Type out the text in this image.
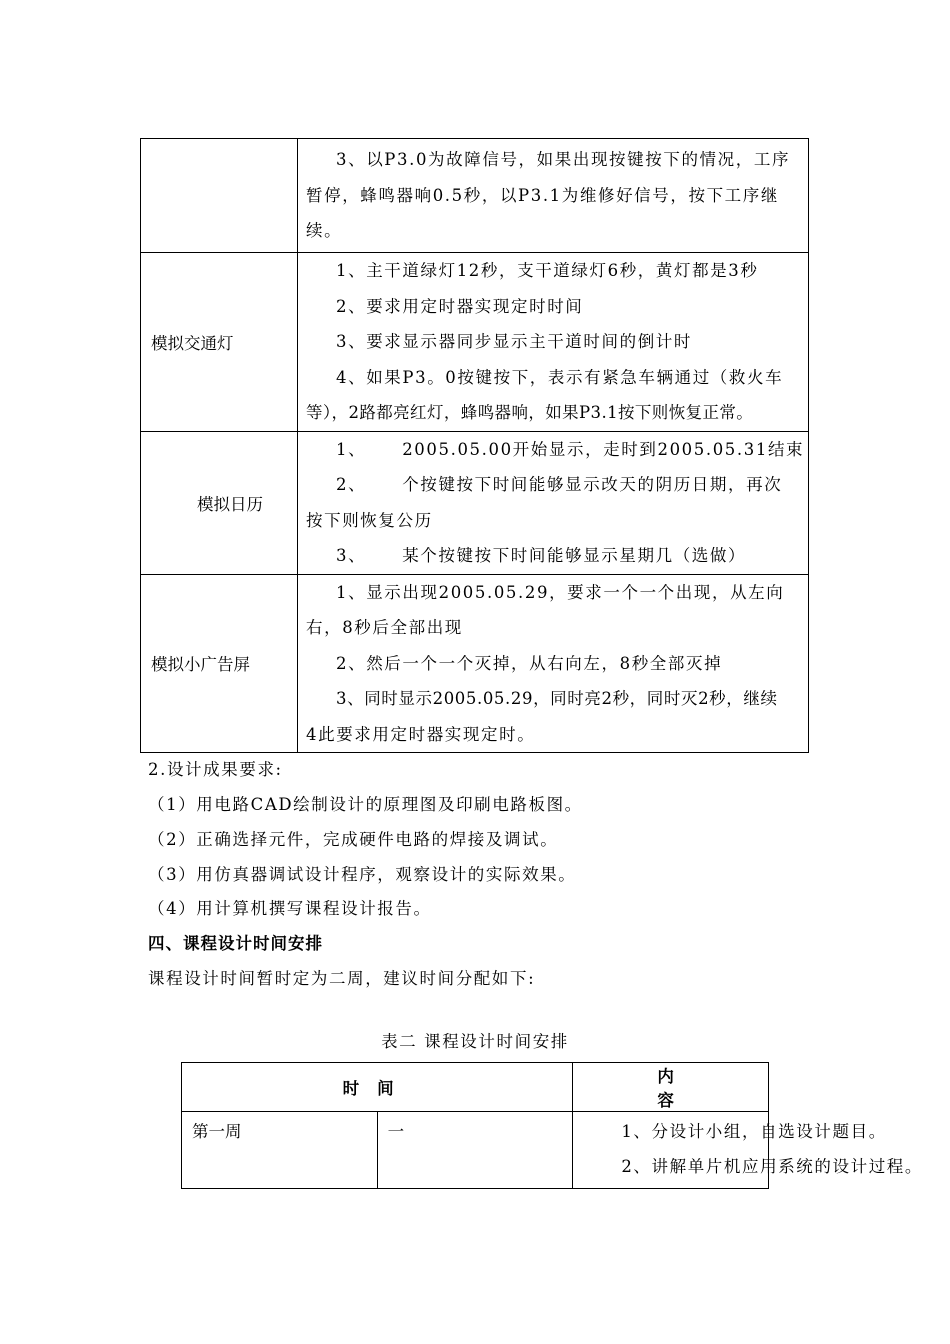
	3、以P3.0为故障信号，如果出现按键按下的情况，工序
暂停，蜂鸣器响0.5秒，以P3.1为维修好信号，按下工序继
续。

模拟交通灯	1、主干道绿灯12秒，支干道绿灯6秒，黄灯都是3秒
2、要求用定时器实现定时时间
3、要求显示器同步显示主干道时间的倒计时
4、如果P3。0按键按下，表示有紧急车辆通过（救火车
等），2路都亮红灯，蜂鸣器响，如果P3.1按下则恢复正常。

模拟日历	1、 2005.05.00开始显示，走时到2005.05.31结束
2、 个按键按下时间能够显示改天的阴历日期，再次
按下则恢复公历
3、 某个按键按下时间能够显示星期几（选做）

模拟小广告屏	1、显示出现2005.05.29，要求一个一个出现，从左向
右，8秒后全部出现
2、然后一个一个灭掉，从右向左，8秒全部灭掉
3、同时显示2005.05.29，同时亮2秒，同时灭2秒，继续
4此要求用定时器实现定时。
2.设计成果要求:
（1）用电路CAD绘制设计的原理图及印刷电路板图。
（2）正确选择元件，完成硬件电路的焊接及调试。
（3）用仿真器调试设计程序，观察设计的实际效果。
（4）用计算机撰写课程设计报告。
四、课程设计时间安排
课程设计时间暂时定为二周，建议时间分配如下:
表二 课程设计时间安排
时间		内容
第一周	一	1、分设计小组，自选设计题目。
2、讲解单片机应用系统的设计过程。
